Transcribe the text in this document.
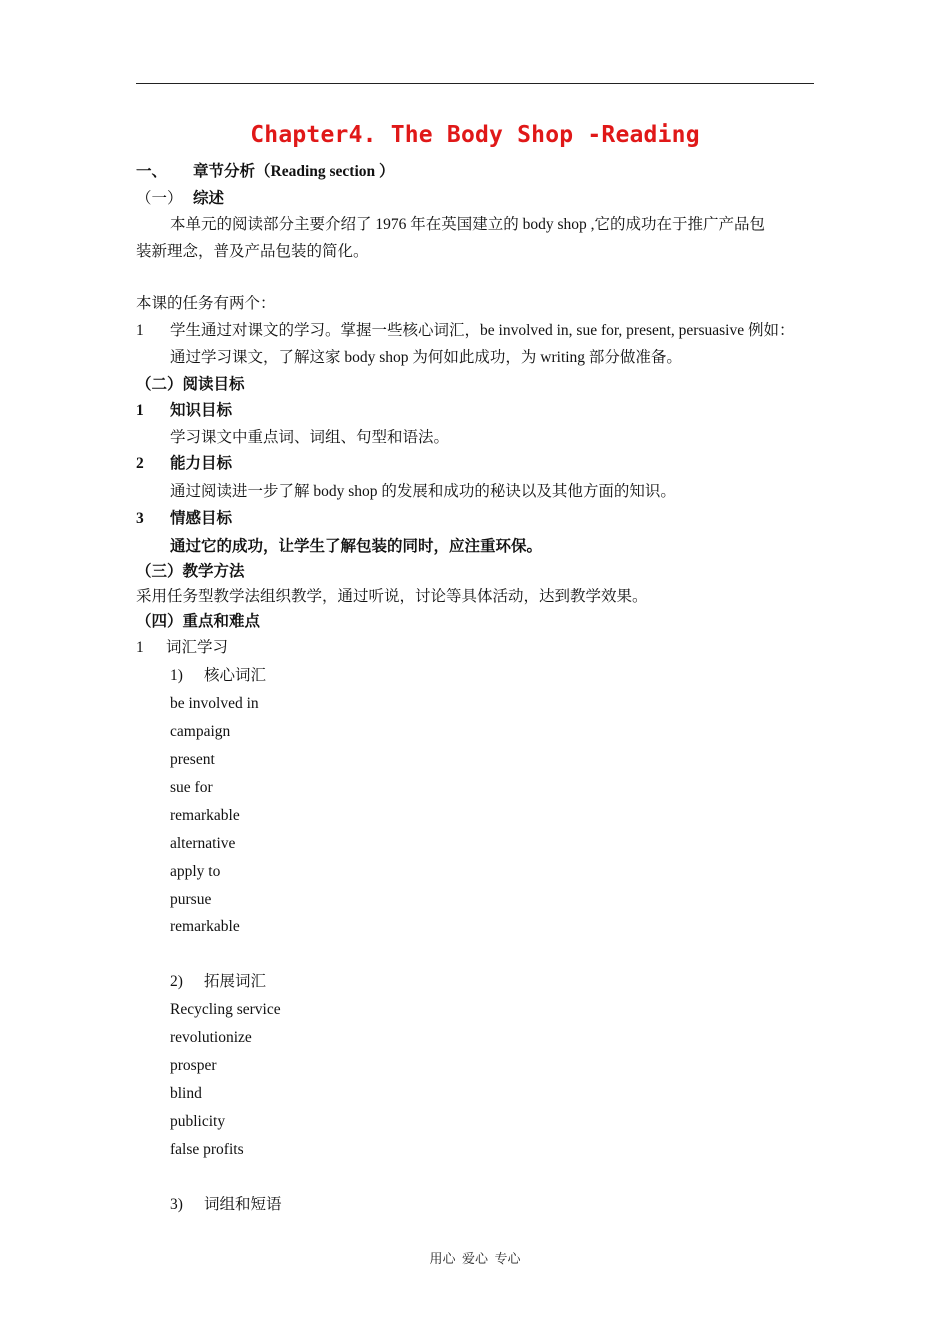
Chapter4. The Body Shop -Reading
一、 章节分析（Reading section ）
（一） 综述
本单元的阅读部分主要介绍了 1976 年在英国建立的 body shop ,它的成功在于推广产品包
装新理念，普及产品包装的简化。
本课的任务有两个：
1 学生通过对课文的学习。掌握一些核心词汇，be involved in, sue for, present, persuasive 例如：
通过学习课文，了解这家 body shop 为何如此成功，为 writing 部分做准备。
（二）阅读目标
1 知识目标
学习课文中重点词、词组、句型和语法。
2 能力目标
通过阅读进一步了解 body shop 的发展和成功的秘诀以及其他方面的知识。
3 情感目标
通过它的成功，让学生了解包装的同时，应注重环保。
（三）教学方法
采用任务型教学法组织教学，通过听说，讨论等具体活动，达到教学效果。
（四）重点和难点
1 词汇学习
1) 核心词汇
be involved in
campaign
present
sue for
remarkable
alternative
apply to
pursue
remarkable
2) 拓展词汇
Recycling service
revolutionize
prosper
blind
publicity
false profits
3) 词组和短语
用心  爱心  专心
